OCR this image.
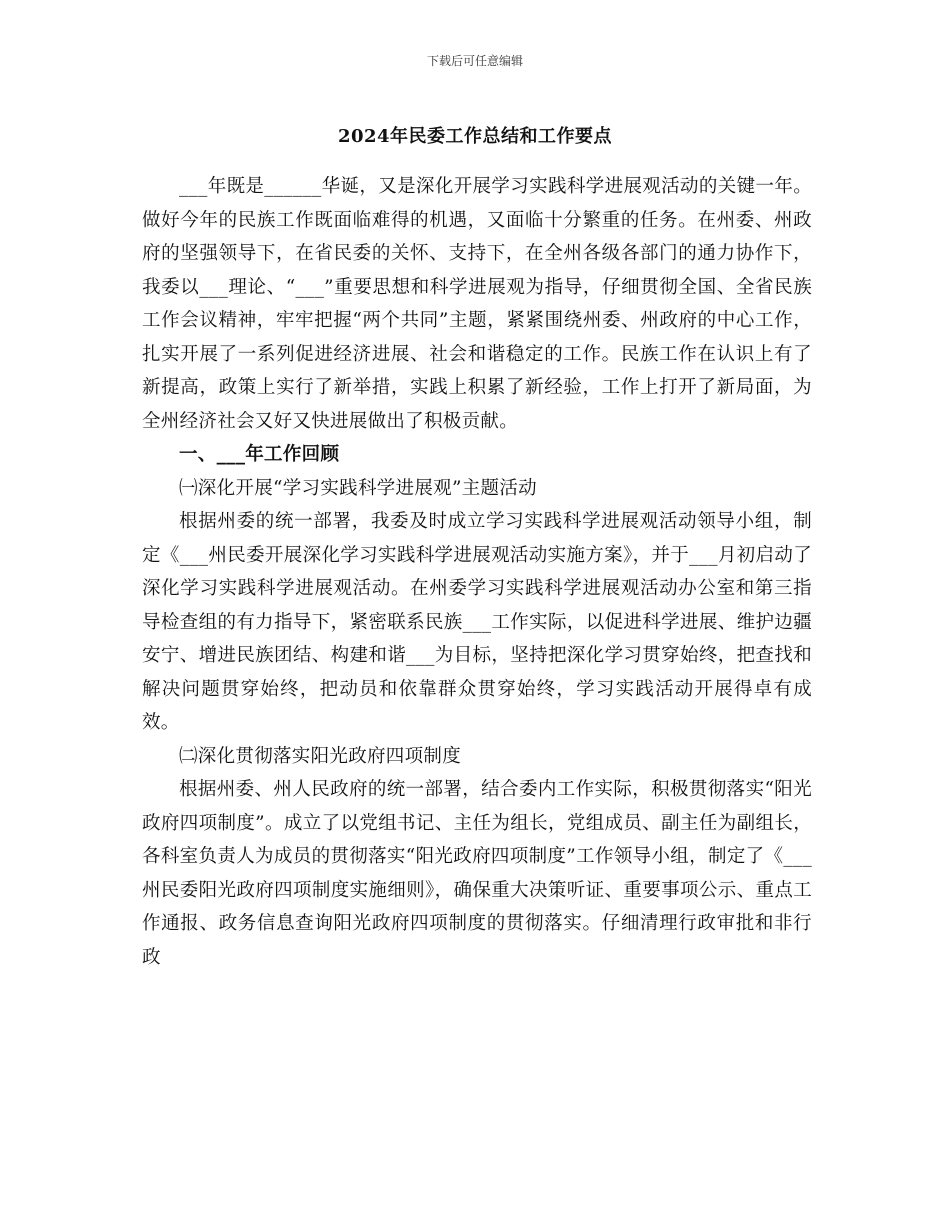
下载后可任意编辑
2024年民委工作总结和工作要点

___年既是______华诞，又是深化开展学习实践科学进展观活动的关键一年。做好今年的民族工作既面临难得的机遇，又面临十分繁重的任务。在州委、州政府的坚强领导下，在省民委的关怀、支持下，在全州各级各部门的通力协作下，我委以___理论、“___”重要思想和科学进展观为指导，仔细贯彻全国、全省民族工作会议精神，牢牢把握“两个共同”主题，紧紧围绕州委、州政府的中心工作，扎实开展了一系列促进经济进展、社会和谐稳定的工作。民族工作在认识上有了新提高，政策上实行了新举措，实践上积累了新经验，工作上打开了新局面，为全州经济社会又好又快进展做出了积极贡献。

一、___年工作回顾

㈠深化开展“学习实践科学进展观”主题活动

根据州委的统一部署，我委及时成立学习实践科学进展观活动领导小组，制定《___州民委开展深化学习实践科学进展观活动实施方案》，并于___月初启动了深化学习实践科学进展观活动。在州委学习实践科学进展观活动办公室和第三指导检查组的有力指导下，紧密联系民族___工作实际，以促进科学进展、维护边疆安宁、增进民族团结、构建和谐___为目标，坚持把深化学习贯穿始终，把查找和解决问题贯穿始终，把动员和依靠群众贯穿始终，学习实践活动开展得卓有成效。

㈡深化贯彻落实阳光政府四项制度

根据州委、州人民政府的统一部署，结合委内工作实际，积极贯彻落实“阳光政府四项制度”。成立了以党组书记、主任为组长，党组成员、副主任为副组长，各科室负责人为成员的贯彻落实“阳光政府四项制度”工作领导小组，制定了《___州民委阳光政府四项制度实施细则》，确保重大决策听证、重要事项公示、重点工作通报、政务信息查询阳光政府四项制度的贯彻落实。仔细清理行政审批和非行政
